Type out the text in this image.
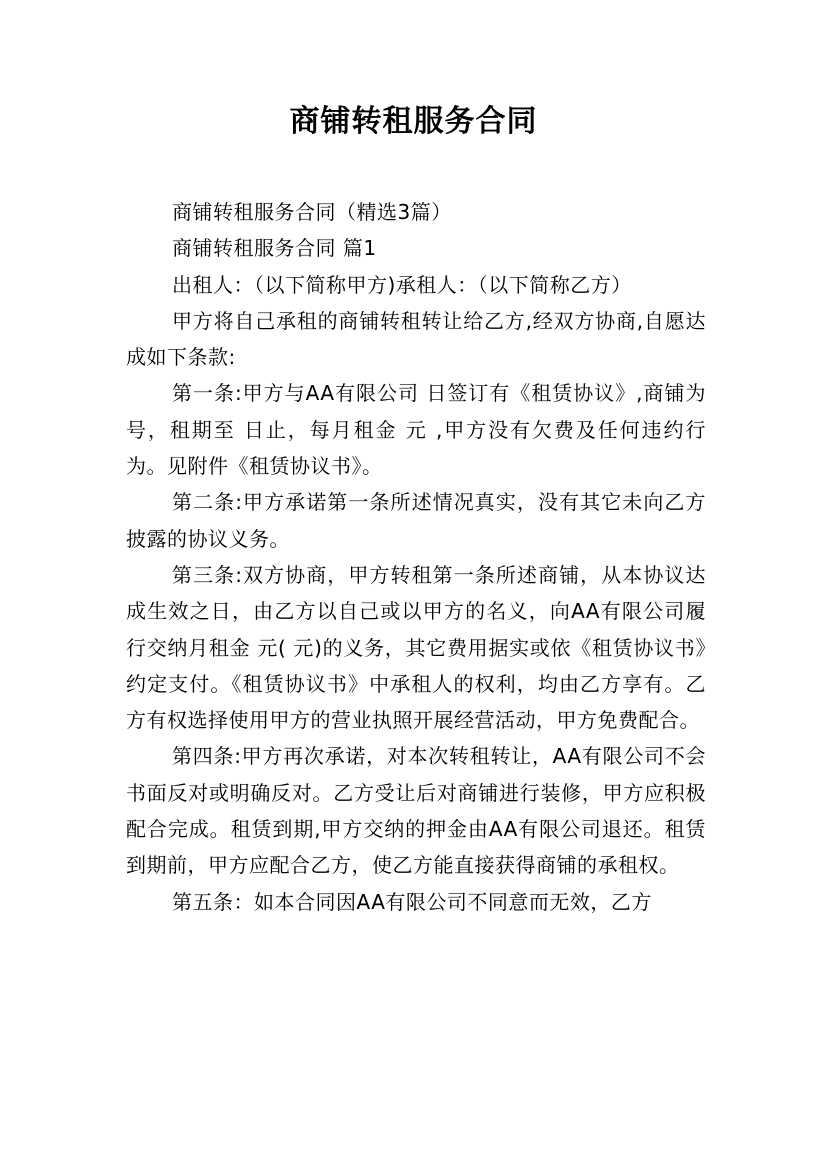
商铺转租服务合同

商铺转租服务合同（精选3篇）

商铺转租服务合同 篇1

出租人：（以下简称甲方)承租人：（以下简称乙方）

甲方将自己承租的商铺转租转让给乙方,经双方协商,自愿达成如下条款:

第一条:甲方与AA有限公司 日签订有《租赁协议》,商铺为 号，租期至 日止，每月租金 元 ,甲方没有欠费及任何违约行为。见附件《租赁协议书》。

第二条:甲方承诺第一条所述情况真实，没有其它未向乙方披露的协议义务。

第三条:双方协商，甲方转租第一条所述商铺，从本协议达成生效之日，由乙方以自己或以甲方的名义，向AA有限公司履行交纳月租金 元( 元)的义务，其它费用据实或依《租赁协议书》约定支付。《租赁协议书》中承租人的权利，均由乙方享有。乙方有权选择使用甲方的营业执照开展经营活动，甲方免费配合。

第四条:甲方再次承诺，对本次转租转让，AA有限公司不会书面反对或明确反对。乙方受让后对商铺进行装修，甲方应积极配合完成。租赁到期,甲方交纳的押金由AA有限公司退还。租赁到期前，甲方应配合乙方，使乙方能直接获得商铺的承租权。

第五条：如本合同因AA有限公司不同意而无效，乙方
